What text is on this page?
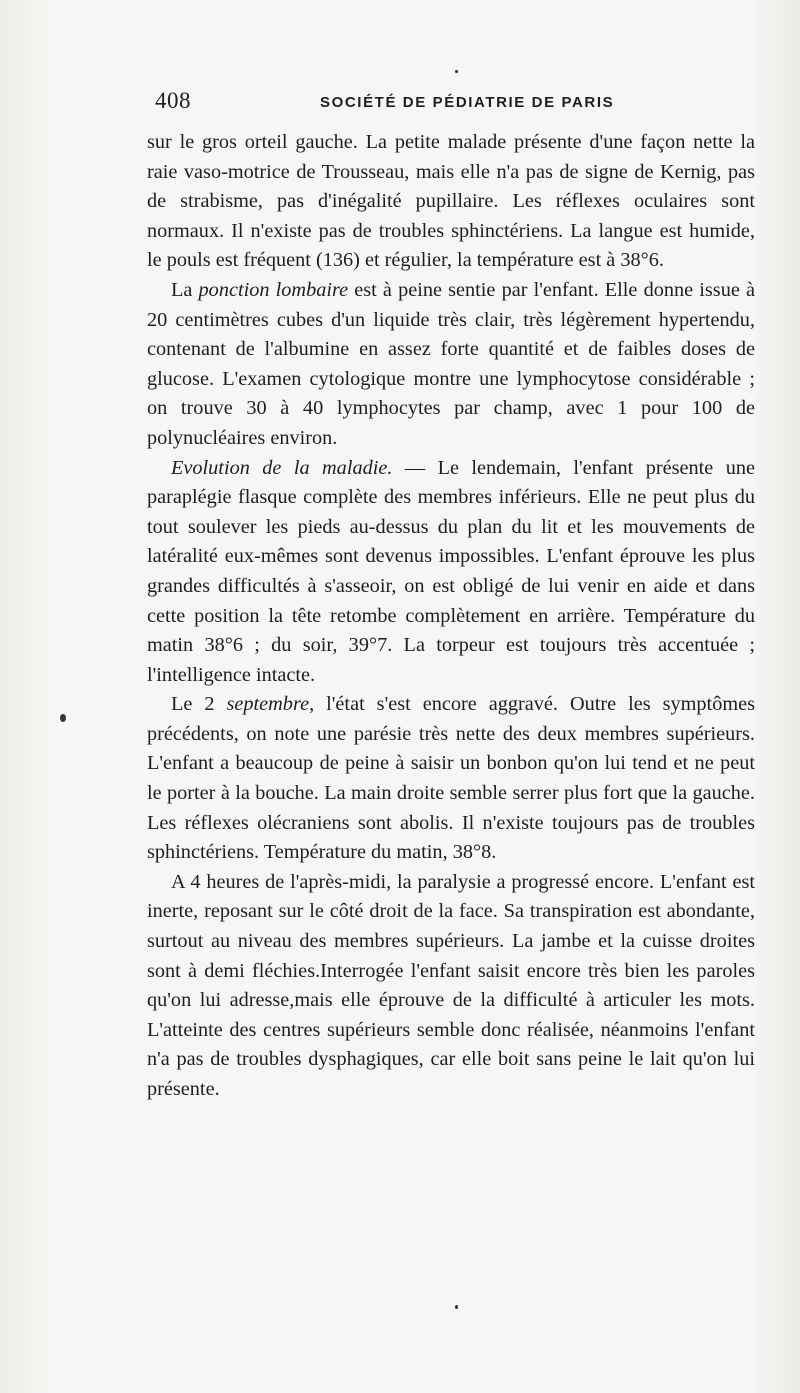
408	SOCIÉTÉ DE PÉDIATRIE DE PARIS

sur le gros orteil gauche. La petite malade présente d'une façon nette la raie vaso-motrice de Trousseau, mais elle n'a pas de signe de Kernig, pas de strabisme, pas d'inégalité pupillaire. Les réflexes oculaires sont normaux. Il n'existe pas de troubles sphinctériens. La langue est humide, le pouls est fréquent (136) et régulier, la température est à 38°6.

La ponction lombaire est à peine sentie par l'enfant. Elle donne issue à 20 centimètres cubes d'un liquide très clair, très légèrement hypertendu, contenant de l'albumine en assez forte quantité et de faibles doses de glucose. L'examen cytologique montre une lymphocytose considérable ; on trouve 30 à 40 lymphocytes par champ, avec 1 pour 100 de polynucléaires environ.

Evolution de la maladie. — Le lendemain, l'enfant présente une paraplégie flasque complète des membres inférieurs. Elle ne peut plus du tout soulever les pieds au-dessus du plan du lit et les mouvements de latéralité eux-mêmes sont devenus impossibles. L'enfant éprouve les plus grandes difficultés à s'asseoir, on est obligé de lui venir en aide et dans cette position la tête retombe complètement en arrière. Température du matin 38°6 ; du soir, 39°7. La torpeur est toujours très accentuée ; l'intelligence intacte.

Le 2 septembre, l'état s'est encore aggravé. Outre les symptômes précédents, on note une parésie très nette des deux membres supérieurs. L'enfant a beaucoup de peine à saisir un bonbon qu'on lui tend et ne peut le porter à la bouche. La main droite semble serrer plus fort que la gauche. Les réflexes olécraniens sont abolis. Il n'existe toujours pas de troubles sphinctériens. Température du matin, 38°8.

A 4 heures de l'après-midi, la paralysie a progressé encore. L'enfant est inerte, reposant sur le côté droit de la face. Sa transpiration est abondante, surtout au niveau des membres supérieurs. La jambe et la cuisse droites sont à demi fléchies.Interrogée l'enfant saisit encore très bien les paroles qu'on lui adresse,mais elle éprouve de la difficulté à articuler les mots. L'atteinte des centres supérieurs semble donc réalisée, néanmoins l'enfant n'a pas de troubles dysphagiques, car elle boit sans peine le lait qu'on lui présente.
